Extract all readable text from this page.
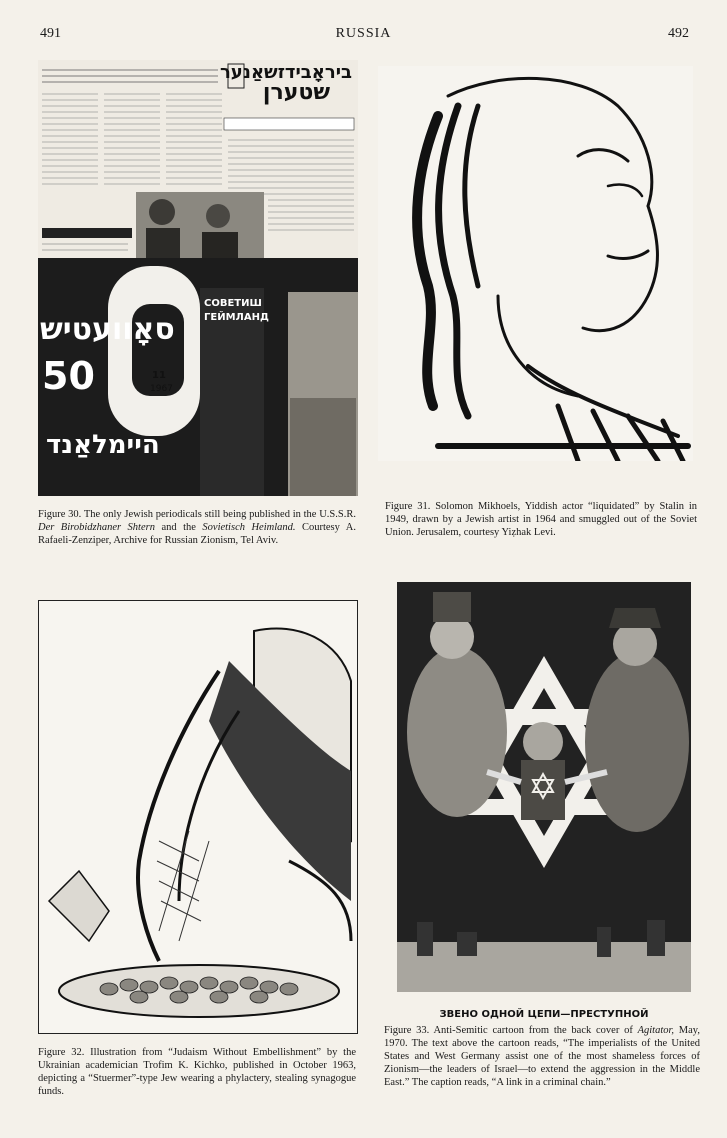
491	RUSSIA	492
ביראָבידזשאַנער
שטערן
סאָוועטיש
50
היימלאַנד
11
1967
СОВЕТИШ
ГЕЙМЛАНД
Figure 30. The only Jewish periodicals still being published in the U.S.S.R. Der Birobidzhaner Shtern and the Sovietisch Heimland. Courtesy A. Rafaeli-Zenziper, Archive for Russian Zionism, Tel Aviv.
Figure 31. Solomon Mikhoels, Yiddish actor “liquidated” by Stalin in 1949, drawn by a Jewish artist in 1964 and smuggled out of the Soviet Union. Jerusalem, courtesy Yiẓhak Levi.
Figure 32. Illustration from “Judaism Without Embellishment” by the Ukrainian academician Trofim K. Kichko, published in October 1963, depicting a “Stuermer”-type Jew wearing a phylactery, stealing synagogue funds.
ЗВЕНО ОДНОЙ ЦЕПИ—ПРЕСТУПНОЙ
Figure 33. Anti-Semitic cartoon from the back cover of Agitator, May, 1970. The text above the cartoon reads, “The imperialists of the United States and West Germany assist one of the most shameless forces of Zionism—the leaders of Israel—to extend the aggression in the Middle East.” The caption reads, “A link in a criminal chain.”
